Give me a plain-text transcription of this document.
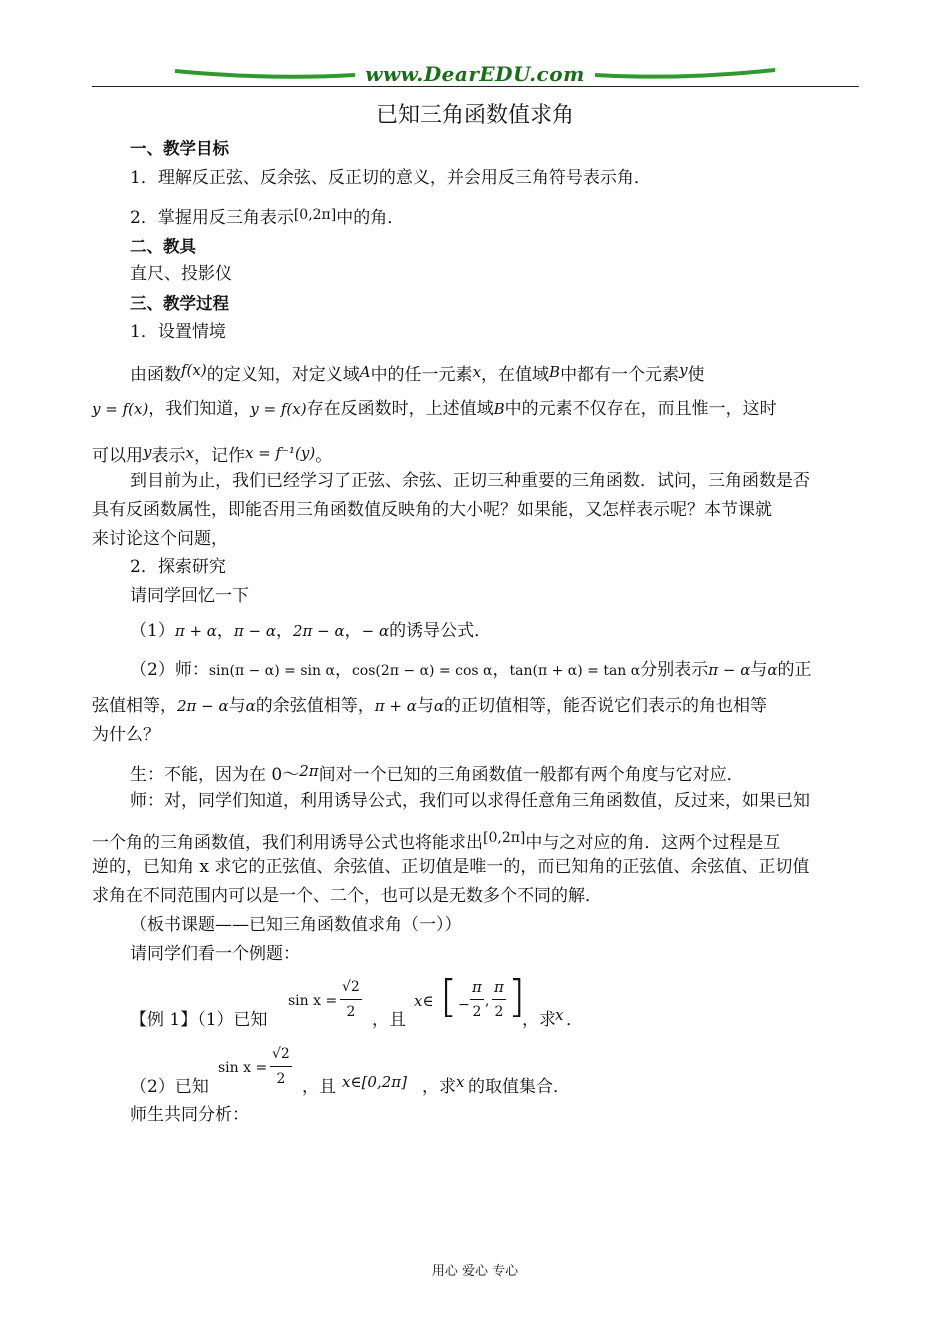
www.DearEDU.com
已知三角函数值求角
一、教学目标
1．理解反正弦、反余弦、反正切的意义，并会用反三角符号表示角．
2．掌握用反三角表示[0,2π]中的角．
二、教具
直尺、投影仪
三、教学过程
1．设置情境
由函数f(x)的定义知，对定义域A中的任一元素x，在值域B中都有一个元素y使
y = f(x)，我们知道，y = f(x)存在反函数时，上述值域B中的元素不仅存在，而且惟一，这时
可以用y表示x，记作x = f⁻¹(y)。
到目前为止，我们已经学习了正弦、余弦、正切三种重要的三角函数．试问，三角函数是否
具有反函数属性，即能否用三角函数值反映角的大小呢？如果能，又怎样表示呢？本节课就
来讨论这个问题，
2．探索研究
请同学回忆一下
（1）π + α，π − α，2π − α，− α的诱导公式．
（2）师：sin(π − α) = sin α，cos(2π − α) = cos α，tan(π + α) = tan α分别表示π − α与α的正
弦值相等，2π − α与α的余弦值相等，π + α与α的正切值相等，能否说它们表示的角也相等
为什么？
生：不能，因为在 0～2π间对一个已知的三角函数值一般都有两个角度与它对应．
师：对，同学们知道，利用诱导公式，我们可以求得任意角三角函数值，反过来，如果已知
一个角的三角函数值，我们利用诱导公式也将能求出[0,2π]中与之对应的角．这两个过程是互
逆的，已知角 x 求它的正弦值、余弦值、正切值是唯一的，而已知角的正弦值、余弦值、正切值
求角在不同范围内可以是一个、二个，也可以是无数多个不同的解．
（板书课题——已知三角函数值求角（一））
请同学们看一个例题：
【例 1】（1）已知
$\sin x = \frac{√2}{2}$ ，且
x∈ [ − $\frac{\pi}{2}$ , $\frac{\pi}{2}$ ]
，求 x ．
（2）已知
$\sin x = \frac{√2}{2}$ ，且 x∈[0,2π] ，求 x 的取值集合．
师生共同分析：
用心 爱心 专心
